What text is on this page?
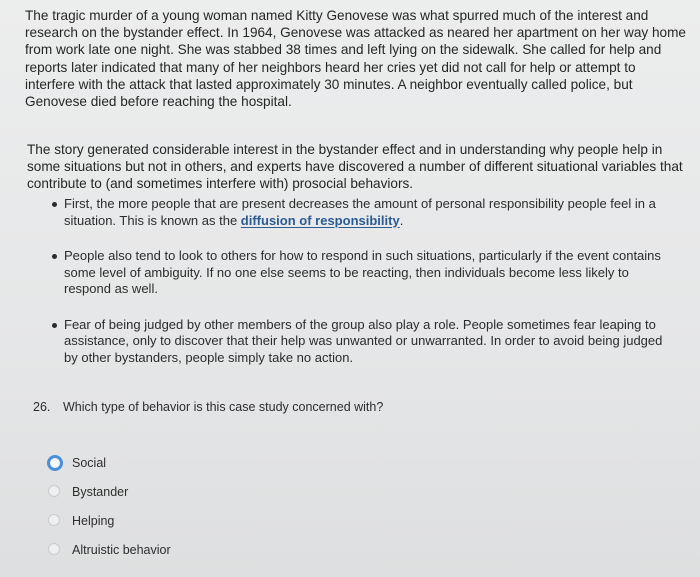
The tragic murder of a young woman named Kitty Genovese was what spurred much of the interest and research on the bystander effect. In 1964, Genovese was attacked as neared her apartment on her way home from work late one night. She was stabbed 38 times and left lying on the sidewalk. She called for help and reports later indicated that many of her neighbors heard her cries yet did not call for help or attempt to interfere with the attack that lasted approximately 30 minutes. A neighbor eventually called police, but Genovese died before reaching the hospital.

The story generated considerable interest in the bystander effect and in understanding why people help in some situations but not in others, and experts have discovered a number of different situational variables that contribute to (and sometimes interfere with) prosocial behaviors.

First, the more people that are present decreases the amount of personal responsibility people feel in a situation. This is known as the diffusion of responsibility.
People also tend to look to others for how to respond in such situations, particularly if the event contains some level of ambiguity. If no one else seems to be reacting, then individuals become less likely to respond as well.
Fear of being judged by other members of the group also play a role. People sometimes fear leaping to assistance, only to discover that their help was unwanted or unwarranted. In order to avoid being judged by other bystanders, people simply take no action.
26. Which type of behavior is this case study concerned with?
Social
Bystander
Helping
Altruistic behavior
